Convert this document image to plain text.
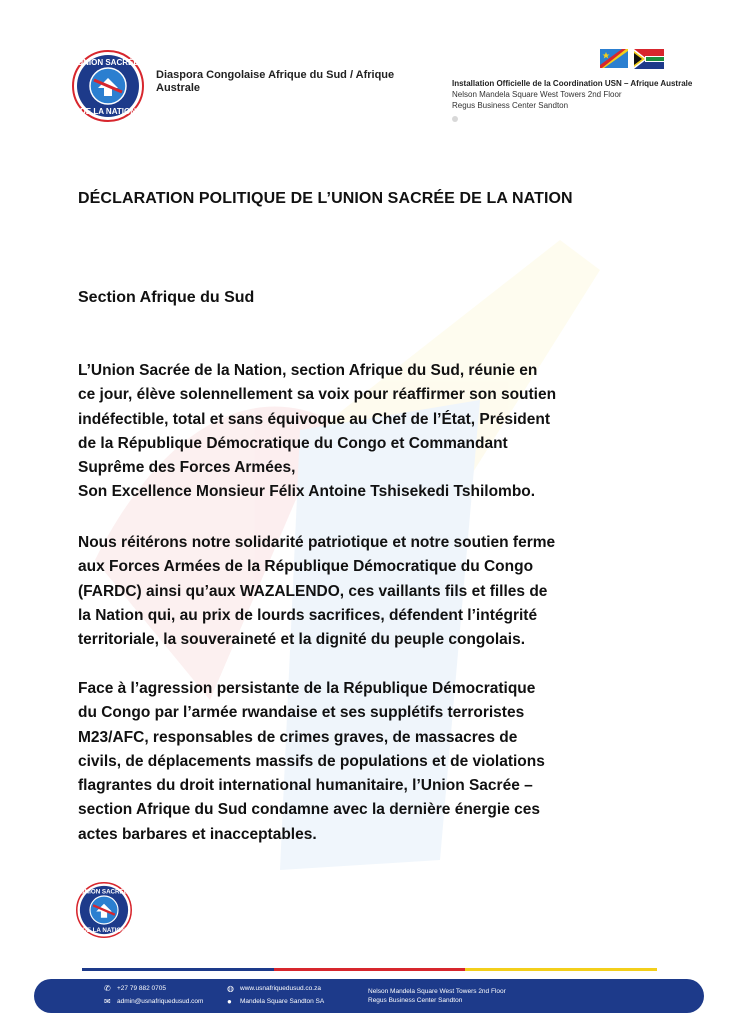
UNION SACRÉE
DE LA NATION
Diaspora Congolaise Afrique du Sud / Afrique Australe	Installation Officielle de la Coordination USN – Afrique Australe
Nelson Mandela Square West Towers 2nd Floor
Regus Business Center Sandton
DÉCLARATION POLITIQUE DE L’UNION SACRÉE DE LA NATION
Section Afrique du Sud
L’Union Sacrée de la Nation, section Afrique du Sud, réunie en
ce jour, élève solennellement sa voix pour réaffirmer son soutien
indéfectible, total et sans équivoque au Chef de l’État, Président
de la République Démocratique du Congo et Commandant
Suprême des Forces Armées,
Son Excellence Monsieur Félix Antoine Tshisekedi Tshilombo.
Nous réitérons notre solidarité patriotique et notre soutien ferme
aux Forces Armées de la République Démocratique du Congo
(FARDC) ainsi qu’aux WAZALENDO, ces vaillants fils et filles de
la Nation qui, au prix de lourds sacrifices, défendent l’intégrité
territoriale, la souveraineté et la dignité du peuple congolais.
Face à l’agression persistante de la République Démocratique
du Congo par l’armée rwandaise et ses supplétifs terroristes
M23/AFC, responsables de crimes graves, de massacres de
civils, de déplacements massifs de populations et de violations
flagrantes du droit international humanitaire, l’Union Sacrée –
section Afrique du Sud condamne avec la dernière énergie ces
actes barbares et inacceptables.
UNION SACRÉE
DE LA NATION
✆ +27 79 882 0705
✉ admin@usnafriquedusud.com
◍ www.usnafriquedusud.co.za
● Mandela Square Sandton SA
Nelson Mandela Square West Towers 2nd Floor
Regus Business Center Sandton
